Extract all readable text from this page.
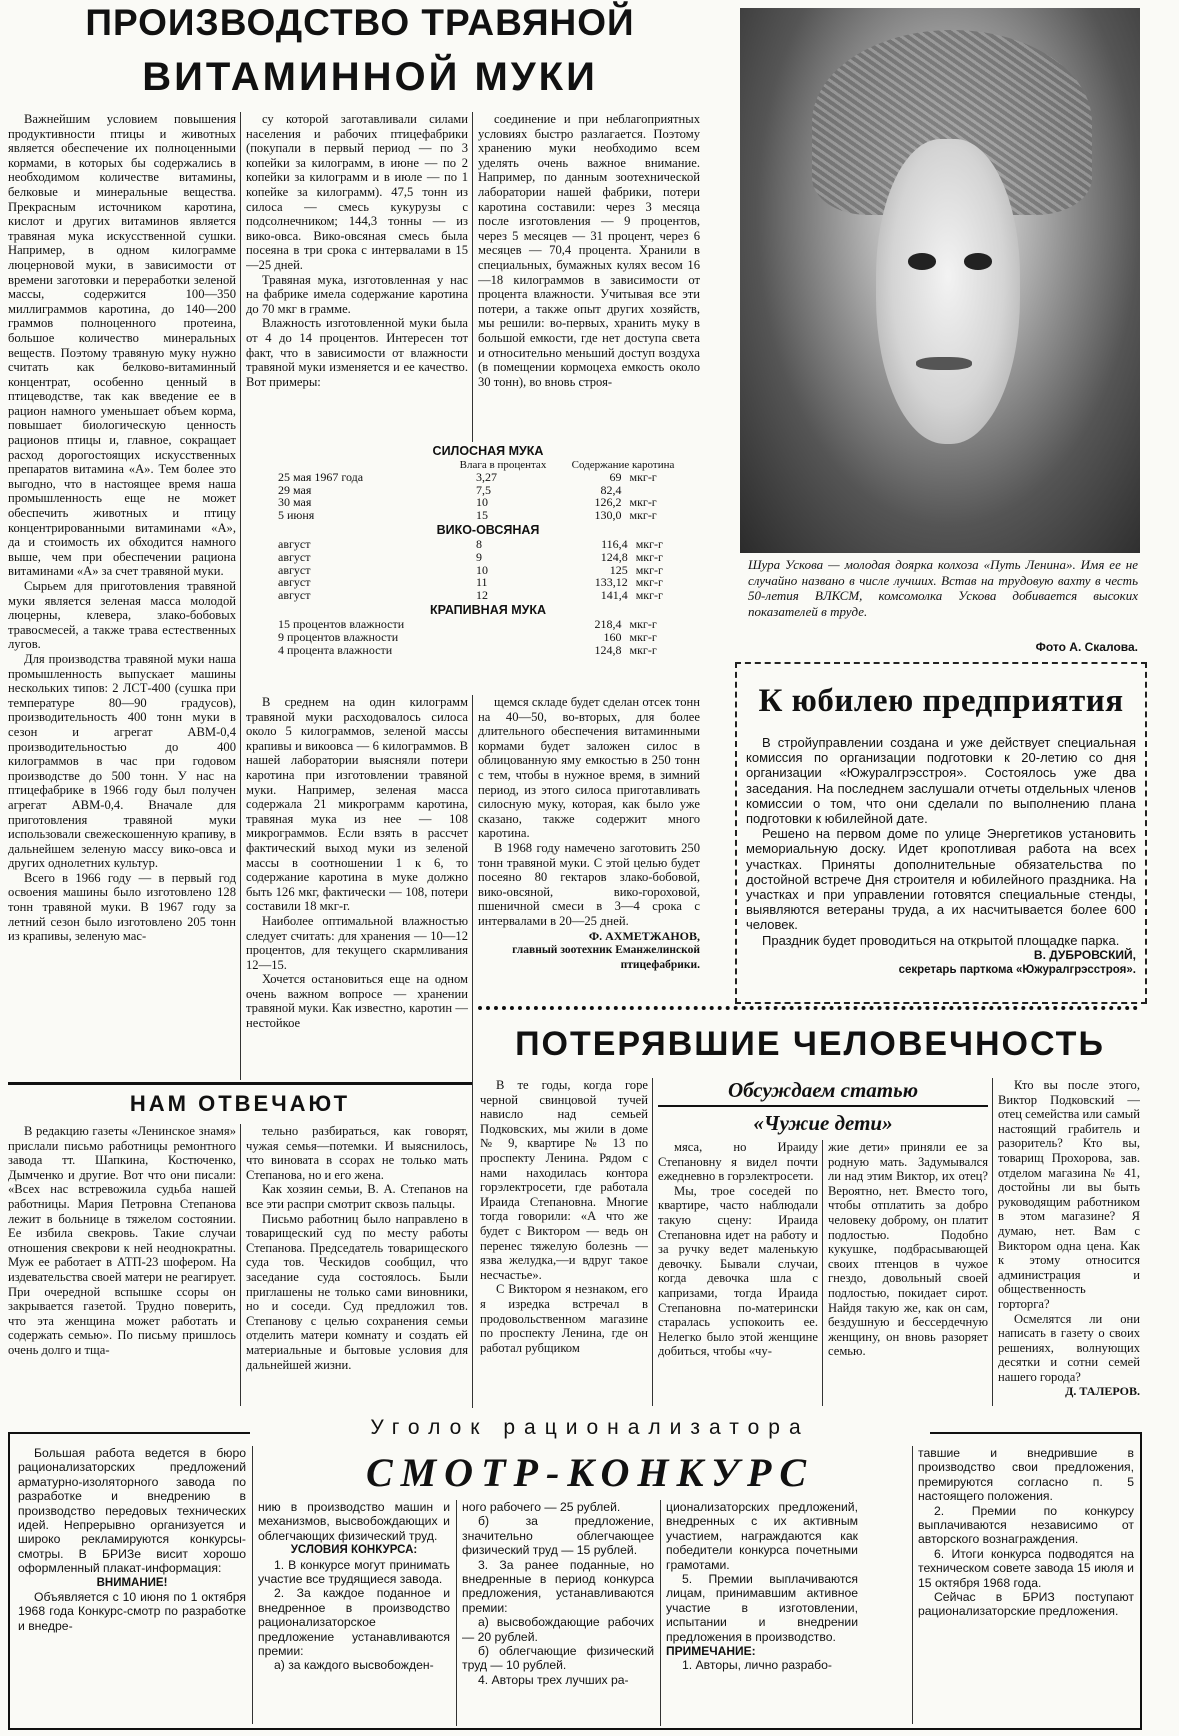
ПРОИЗВОДСТВО ТРАВЯНОЙ
ВИТАМИННОЙ МУКИ

Важнейшим условием повышения продуктивности птицы и животных является обеспечение их полноценными кормами, в которых бы содержались в необходимом количестве витамины, белковые и минеральные вещества. Прекрасным источником каротина, кислот и других витаминов является травяная мука искусственной сушки. Например, в одном килограмме люцерновой муки, в зависимости от времени заготовки и переработки зеленой массы, содержится 100—350 миллиграммов каротина, до 140—200 граммов полноценного протеина, большое количество минеральных веществ. Поэтому травяную муку нужно считать как белково-витаминный концентрат, особенно ценный в птицеводстве, так как введение ее в рацион намного уменьшает объем корма, повышает биологическую ценность рационов птицы и, главное, сокращает расход дорогостоящих искусственных препаратов витамина «А». Тем более это выгодно, что в настоящее время наша промышленность еще не может обеспечить животных и птицу концентрированными витаминами «А», да и стоимость их обходится намного выше, чем при обеспечении рациона витаминами «А» за счет травяной муки.

Сырьем для приготовления травяной муки является зеленая масса молодой люцерны, клевера, злако-бобовых травосмесей, а также трава естественных лугов.

Для производства травяной муки наша промышленность выпускает машины нескольких типов: 2 ЛСТ-400 (сушка при температуре 80—90 градусов), производительность 400 тонн муки в сезон и агрегат АВМ-0,4 производительностью до 400 килограммов в час при годовом производстве до 500 тонн. У нас на птицефабрике в 1966 году был получен агрегат АВМ-0,4. Вначале для приготовления травяной муки использовали свежескошенную крапиву, в дальнейшем зеленую массу вико-овса и других однолетних культур.

Всего в 1966 году — в первый год освоения машины было изготовлено 128 тонн травяной муки. В 1967 году за летний сезон было изготовлено 205 тонн из крапивы, зеленую мас-

су которой заготавливали силами населения и рабочих птицефабрики (покупали в первый период — по 3 копейки за килограмм, в июне — по 2 копейки за килограмм и в июле — по 1 копейке за килограмм). 47,5 тонн из силоса — смесь кукурузы с подсолнечником; 144,3 тонны — из вико-овса. Вико-овсяная смесь была посеяна в три срока с интервалами в 15—25 дней.

Травяная мука, изготовленная у нас на фабрике имела содержание каротина до 70 мкг в грамме.

Влажность изготовленной муки была от 4 до 14 процентов. Интересен тот факт, что в зависимости от влажности травяной муки изменяется и ее качество. Вот примеры:

соединение и при неблагоприятных условиях быстро разлагается. Поэтому хранению муки необходимо всем уделять очень важное внимание. Например, по данным зоотехнической лаборатории нашей фабрики, потери каротина составили: через 3 месяца после изготовления — 9 процентов, через 5 месяцев — 31 процент, через 6 месяцев — 70,4 процента. Хранили в специальных, бумажных кулях весом 16—18 килограммов в зависимости от процента влажности. Учитывая все эти потери, а также опыт других хозяйств, мы решили: во-первых, хранить муку в большой емкости, где нет доступа света и относительно меньший доступ воздуха (в помещении кормоцеха емкость около 30 тонн), во вновь строя-

СИЛОСНАЯ МУКА
	Влага в процентах	Содержание каротина	
25 мая 1967 года	3,27	69	мкг-г
29 мая	7,5	82,4	
30 мая	10	126,2	мкг-г
5 июня	15	130,0	мкг-г
ВИКО-ОВСЯНАЯ
август	8	116,4	мкг-г
август	9	124,8	мкг-г
август	10	125	мкг-г
август	11	133,12	мкг-г
август	12	141,4	мкг-г
КРАПИВНАЯ МУКА
15 процентов влажности	218,4	мкг-г
9 процентов влажности	160	мкг-г
4 процента влажности	124,8	мкг-г

В среднем на один килограмм травяной муки расходовалось силоса около 5 килограммов, зеленой массы крапивы и викоовса — 6 килограммов. В нашей лаборатории выясняли потери каротина при изготовлении травяной муки. Например, зеленая масса содержала 21 микрограмм каротина, травяная мука из нее — 108 микрограммов. Если взять в рассчет фактический выход муки из зеленой массы в соотношении 1 к 6, то содержание каротина в муке должно быть 126 мкг, фактически — 108, потери составили 18 мкг-г.

Наиболее оптимальной влажностью следует считать: для хранения — 10—12 процентов, для текущего скармливания 12—15.

Хочется остановиться еще на одном очень важном вопросе — хранении травяной муки. Как известно, каротин — нестойкое

щемся складе будет сделан отсек тонн на 40—50, во-вторых, для более длительного обеспечения витаминными кормами будет заложен силос в облицованную яму емкостью в 250 тонн с тем, чтобы в нужное время, в зимний период, из этого силоса приготавливать силосную муку, которая, как было уже сказано, также содержит много каротина.

В 1968 году намечено заготовить 250 тонн травяной муки. С этой целью будет посеяно 80 гектаров злако-бобовой, вико-овсяной, вико-гороховой, пшеничной смеси в 3—4 срока с интервалами в 20—25 дней.

Ф. АХМЕТЖАНОВ,

главный зоотехник Еманжелинской птицефабрики.

Шура Ускова — молодая доярка колхоза «Путь Ленина». Имя ее не случайно названо в числе лучших. Встав на трудовую вахту в честь 50-летия ВЛКСМ, комсомолка Ускова добивается высоких показателей в труде.
Фото А. Скалова.
К юбилею предприятия

В стройуправлении создана и уже действует специальная комиссия по организации подготовки к 20-летию со дня организации «Южуралгрэсстроя». Состоялось уже два заседания. На последнем заслушали отчеты отдельных членов комиссии о том, что они сделали по выполнению плана подготовки к юбилейной дате.

Решено на первом доме по улице Энергетиков установить мемориальную доску. Идет кропотливая работа на всех участках. Приняты дополнительные обязательства по достойной встрече Дня строителя и юбилейного праздника. На участках и при управлении готовятся специальные стенды, выявляются ветераны труда, а их насчитывается более 600 человек.

Праздник будет проводиться на открытой площадке парка.

В. ДУБРОВСКИЙ,

секретарь парткома «Южуралгрэсстроя».

НАМ ОТВЕЧАЮТ

В редакцию газеты «Ленинское знамя» прислали письмо работницы ремонтного завода тт. Шапкина, Костюченко, Дымченко и другие. Вот что они писали: «Всех нас встревожила судьба нашей работницы. Мария Петровна Степанова лежит в больнице в тяжелом состоянии. Ее избила свекровь. Такие случаи отношения свекрови к ней неоднократны. Муж ее работает в АТП-23 шофером. На издевательства своей матери не реагирует. При очередной вспышке ссоры он закрывается газетой. Трудно поверить, что эта женщина может работать и содержать семью». По письму пришлось очень долго и тща-

тельно разбираться, как говорят, чужая семья—потемки. И выяснилось, что виновата в ссорах не только мать Степанова, но и его жена.

Как хозяин семьи, В. А. Степанов на все эти распри смотрит сквозь пальцы.

Письмо работниц было направлено в товарищеский суд по месту работы Степанова. Председатель товарищеского суда тов. Ческидов сообщил, что заседание суда состоялось. Были приглашены не только сами виновники, но и соседи. Суд предложил тов. Степанову с целью сохранения семьи отделить матери комнату и создать ей материальные и бытовые условия для дальнейшей жизни.

ПОТЕРЯВШИЕ ЧЕЛОВЕЧНОСТЬ

В те годы, когда горе черной свинцовой тучей нависло над семьей Подковских, мы жили в доме № 9, квартире № 13 по проспекту Ленина. Рядом с нами находилась контора горэлектросети, где работала Ираида Степановна. Многие тогда говорили: «А что же будет с Виктором — ведь он перенес тяжелую болезнь — язва желудка,—и вдруг такое несчастье».

С Виктором я незнаком, его я изредка встречал в продовольственном магазине по проспекту Ленина, где он работал рубщиком

Обсуждаем статью
«Чужие дети»

мяса, но Ираиду Степановну я видел почти ежедневно в горэлектросети.

Мы, трое соседей по квартире, часто наблюдали такую сцену: Ираида Степановна идет на работу и за ручку ведет маленькую девочку. Бывали случаи, когда девочка шла с капризами, тогда Ираида Степановна по-матерински старалась успокоить ее. Нелегко было этой женщине добиться, чтобы «чу-

жие дети» приняли ее за родную мать. Задумывался ли над этим Виктор, их отец? Вероятно, нет. Вместо того, чтобы отплатить за добро человеку доброму, он платит подлостью. Подобно кукушке, подбрасывающей своих птенцов в чужое гнездо, довольный своей подлостью, покидает сирот. Найдя такую же, как он сам, бездушную и бессердечную женщину, он вновь разоряет семью.

Кто вы после этого, Виктор Подковский — отец семейства или самый настоящий грабитель и разоритель? Кто вы, товарищ Прохорова, зав. отделом магазина № 41, достойны ли вы быть руководящим работником в этом магазине? Я думаю, нет. Вам с Виктором одна цена. Как к этому относится администрация и общественность горторга?

Осмелятся ли они написать в газету о своих решениях, волнующих десятки и сотни семей нашего города?

Д. ТАЛЕРОВ.

Уголок рационализатора
СМОТР-КОНКУРС

Большая работа ведется в бюро рационализаторских предложений арматурно-изоляторного завода по разработке и внедрению в производство передовых технических идей. Непрерывно организуется и широко рекламируются конкурсы-смотры. В БРИЗе висит хорошо оформленный плакат-информация:

ВНИМАНИЕ!

Объявляется с 10 июня по 1 октября 1968 года Конкурс-смотр по разработке и внедре-

нию в производство машин и механизмов, высвобождающих и облегчающих физический труд.

УСЛОВИЯ КОНКУРСА:

1. В конкурсе могут принимать участие все трудящиеся завода.

2. За каждое поданное и внедренное в производство рационализаторское предложение устанавливаются премии:

а) за каждого высвобожден-

ного рабочего — 25 рублей.

б) за предложение, значительно облегчающее физический труд — 15 рублей.

3. За ранее поданные, но внедренные в период конкурса предложения, устанавливаются премии:

а) высвобождающие рабочих — 20 рублей.

б) облегчающие физический труд — 10 рублей.

4. Авторы трех лучших ра-

ционализаторских предложений, внедренных с их активным участием, награждаются как победители конкурса почетными грамотами.

5. Премии выплачиваются лицам, принимавшим активное участие в изготовлении, испытании и внедрении предложения в производство.

ПРИМЕЧАНИЕ:

1. Авторы, лично разрабо-

тавшие и внедрившие в производство свои предложения, премируются согласно п. 5 настоящего положения.

2. Премии по конкурсу выплачиваются независимо от авторского вознаграждения.

6. Итоги конкурса подводятся на техническом совете завода 15 июля и 15 октября 1968 года.

Сейчас в БРИЗ поступают рационализаторские предложения.
